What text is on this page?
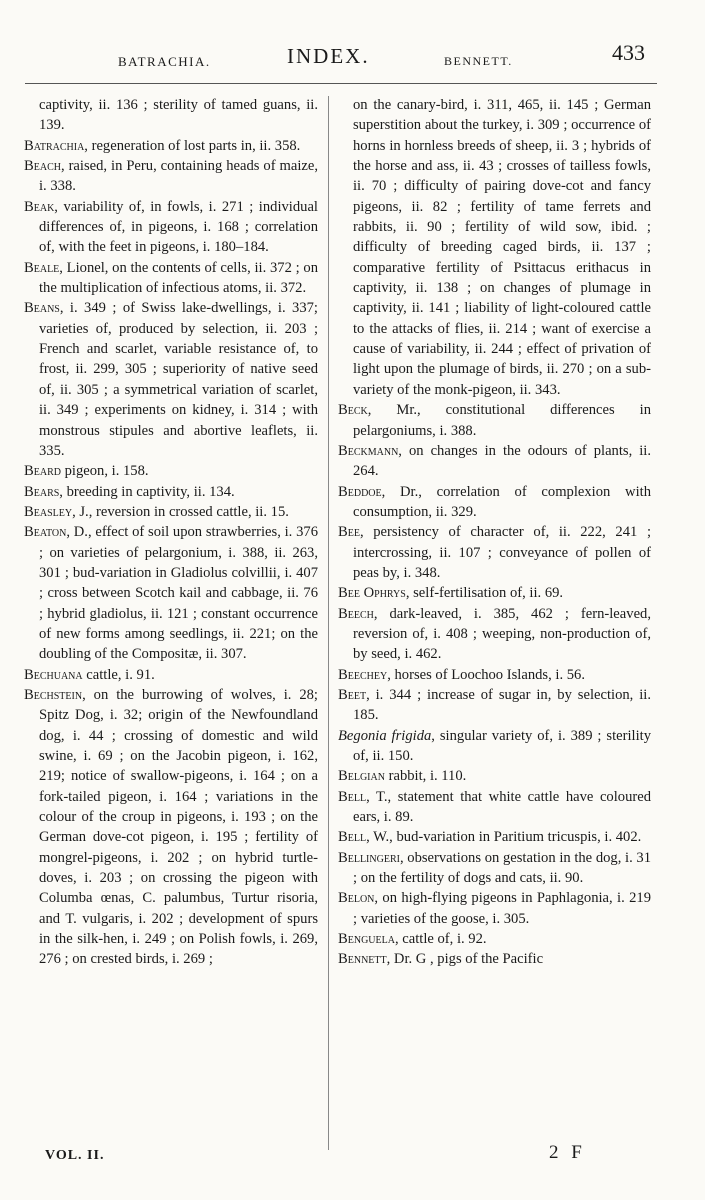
BATRACHIA.	INDEX.	BENNETT.	433
captivity, ii. 136 ; sterility of tamed guans, ii. 139.
Batrachia, regeneration of lost parts in, ii. 358.
Beach, raised, in Peru, containing heads of maize, i. 338.
Beak, variability of, in fowls, i. 271 ; individual differences of, in pigeons, i. 168 ; correlation of, with the feet in pigeons, i. 180–184.
Beale, Lionel, on the contents of cells, ii. 372 ; on the multiplication of infectious atoms, ii. 372.
Beans, i. 349 ; of Swiss lake-dwellings, i. 337; varieties of, produced by selection, ii. 203 ; French and scarlet, variable resistance of, to frost, ii. 299, 305 ; superiority of native seed of, ii. 305 ; a symmetrical variation of scarlet, ii. 349 ; experiments on kidney, i. 314 ; with monstrous stipules and abortive leaflets, ii. 335.
Beard pigeon, i. 158.
Bears, breeding in captivity, ii. 134.
Beasley, J., reversion in crossed cattle, ii. 15.
Beaton, D., effect of soil upon strawberries, i. 376 ; on varieties of pelargonium, i. 388, ii. 263, 301 ; bud-variation in Gladiolus colvillii, i. 407 ; cross between Scotch kail and cabbage, ii. 76 ; hybrid gladiolus, ii. 121 ; constant occurrence of new forms among seedlings, ii. 221; on the doubling of the Compositæ, ii. 307.
Bechuana cattle, i. 91.
Bechstein, on the burrowing of wolves, i. 28; Spitz Dog, i. 32; origin of the Newfoundland dog, i. 44 ; crossing of domestic and wild swine, i. 69 ; on the Jacobin pigeon, i. 162, 219; notice of swallow-pigeons, i. 164 ; on a fork-tailed pigeon, i. 164 ; variations in the colour of the croup in pigeons, i. 193 ; on the German dove-cot pigeon, i. 195 ; fertility of mongrel-pigeons, i. 202 ; on hybrid turtle-doves, i. 203 ; on crossing the pigeon with Columba œnas, C. palumbus, Turtur risoria, and T. vulgaris, i. 202 ; development of spurs in the silk-hen, i. 249 ; on Polish fowls, i. 269, 276 ; on crested birds, i. 269 ;
on the canary-bird, i. 311, 465, ii. 145 ; German superstition about the turkey, i. 309 ; occurrence of horns in hornless breeds of sheep, ii. 3 ; hybrids of the horse and ass, ii. 43 ; crosses of tailless fowls, ii. 70 ; difficulty of pairing dove-cot and fancy pigeons, ii. 82 ; fertility of tame ferrets and rabbits, ii. 90 ; fertility of wild sow, ibid. ; difficulty of breeding caged birds, ii. 137 ; comparative fertility of Psittacus erithacus in captivity, ii. 138 ; on changes of plumage in captivity, ii. 141 ; liability of light-coloured cattle to the attacks of flies, ii. 214 ; want of exercise a cause of variability, ii. 244 ; effect of privation of light upon the plumage of birds, ii. 270 ; on a sub-variety of the monk-pigeon, ii. 343.
Beck, Mr., constitutional differences in pelargoniums, i. 388.
Beckmann, on changes in the odours of plants, ii. 264.
Beddoe, Dr., correlation of complexion with consumption, ii. 329.
Bee, persistency of character of, ii. 222, 241 ; intercrossing, ii. 107 ; conveyance of pollen of peas by, i. 348.
Bee Ophrys, self-fertilisation of, ii. 69.
Beech, dark-leaved, i. 385, 462 ; fern-leaved, reversion of, i. 408 ; weeping, non-production of, by seed, i. 462.
Beechey, horses of Loochoo Islands, i. 56.
Beet, i. 344 ; increase of sugar in, by selection, ii. 185.
Begonia frigida, singular variety of, i. 389 ; sterility of, ii. 150.
Belgian rabbit, i. 110.
Bell, T., statement that white cattle have coloured ears, i. 89.
Bell, W., bud-variation in Paritium tricuspis, i. 402.
Bellingeri, observations on gestation in the dog, i. 31 ; on the fertility of dogs and cats, ii. 90.
Belon, on high-flying pigeons in Paphlagonia, i. 219 ; varieties of the goose, i. 305.
Benguela, cattle of, i. 92.
Bennett, Dr. G , pigs of the Pacific
VOL. II.	2 F
